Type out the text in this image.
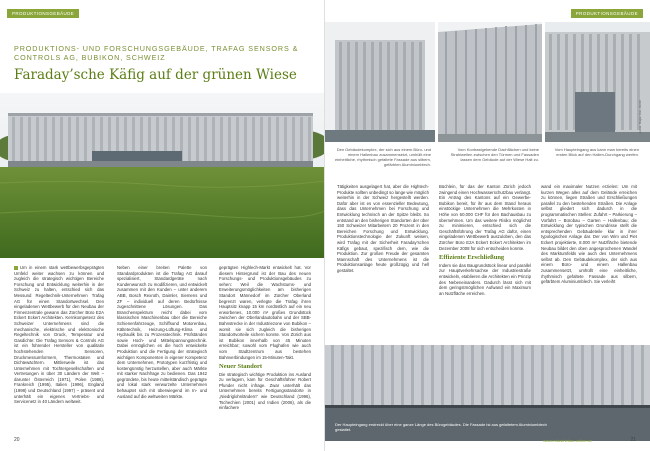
PRODUKTIONSGEBÄUDE
PRODUKTIONS- UND FORSCHUNGSGEBÄUDE, TRAFAG SENSORS & CONTROLS AG, BUBIKON, SCHWEIZ
Faraday’sche Käfig auf der grünen Wiese

Um in einem stark wettbewerbsgeprägten Umfeld weiter wachsen zu können und zugleich die strategisch wichtigen Bereiche Forschung und Entwicklung weiterhin in der Schweiz zu halten, entschied sich das Messund Regeltechnik-Unternehmen Trafag AG für einen Standortwechsel. Den eingeladenen Wettbewerb für den Neubau der Firmenzentrale gewann das Zürcher Büro E2A Eckert Eckert Architekten. Kernkompetenz des Schweizer Unternehmens sind die mechanische, elektrische und elektronische Regeltechnik von Druck, Temperatur und Gasdichte: Die Trafag Sensors & Controls AG ist ein führender Hersteller von qualitativ hochstehenden Sensoren, Druckmessumformern, Thermostaten und Dichtewächtern. Mittlerweile ist das Unternehmen mit Tochtergesellschaften und Vertretungen in über 30 Ländern der Welt – darunter Österreich (1971), Polen (1986), Frankreich (1995), Italien (1996), England (1998) und Deutschland (1997) – präsent und unterhält ein eigenes Vertriebs- und Servicenetz in 40 Ländern weltweit.

Neben einer breiten Palette von Standardprodukten ist die Trafag AG darauf spezialisiert, Standardgeräte nach Kundenwunsch zu modifizieren, und entwickelt zusammen mit den Kunden – unter anderem ABB, Bosch Rexroth, Daimler, Siemens und ZF – individuell auf deren Bedürfnisse zugeschnittene Lösungen. Das Branchenspektrum reicht dabei vom klassischen Maschinenbau über die Bereiche Schienenfahrzeuge, Schiffsund Motorenbau, Kältetechnik, Heizung-Lüftung-Klima und Hydraulik bis zu Prozesstechnik. Prüfständen sowie Hoch- und Mittelspannungstechnik. Dabei ermöglichen es die hoch entwickelte Produktion und die Fertigung der strategisch wichtigen Komponenten in eigener Kompetenz dem Unternehmen, Prototypen kurzfristig und kostengünstig herzustellen, aber auch Märkte mit starker Nachfrage zu bedienen. Das 1942 gegründete, bis heute mittelständisch geprägte und lokal stark verwurzelte Unternehmen behauptet sich mit überwiegend im In- und Ausland auf die weltweiten Märkte.

geprägten Highlech-Markt entwickelt hat. Vor diesem Hintergrund ist der Bau des neuen Forschungs- und Produktionsgebäudes zu sehen: Weil die Wachstums- und Erweiterungsmöglichkeiten am bisherigen Standort Männedorf im Zürcher Oberland begrenzt waren, verlegte die Trafag ihren Hauptsitz knapp 15 km nordöstlich auf ein neu erworbenes, 10.000 m² großes Grundstück zwischen der Oberlandautobahn und der SBB-Bahnstrecke in der Industriezone von Bubikon – womit sie sich zugleich die bisherigen Standortvorteile sichern konnte. Von Zürich aus ist Bubikon innerhalb von 45 Minuten erreichbar; sowohl vom Flughafen wie auch vom Stadtzentrum aus bestehen Bahnverbindungen im 15-Minuten-Takt.

Neuer Standort

Die strategisch wichtige Produktion ins Ausland zu verlagern, kam für Geschäftsführer Robert Pfunder nicht infrage. Zwar unterhält das Unternehmen bereits Fertigungsstandorte in „Niedriglohnländern“ wie Deutschland (1996), Tschechien (2001) und Indien (2006), als die einfachere

20
PRODUKTIONSGEBÄUDE
Den Gebäudekomplex, der sich aus einem Büro- und einem Hallenbau zusammensetzt, umhüllt eine einheitliche, rhythmisch gefaltete Fassade aus silbern, gefärbten Aluminiumblech.
Vom Kontrastgebende Dachflächen und keine Strahlwellen zwischen den Türmen und Fassaden lassen dem Gebäude auf der Wiese Halt zu.
Vom Haupteingang aus kann man bereits einen ersten Blick auf den Hallen-Durchgang werfen.
Fotos: Roger Frei, Zürich

Tätigkeiten ausgelagert hat, aber die Hightech-Produkte sollten unbedingt so lange wie möglich weiterhin in der Schweiz hergestellt werden. Dafür aber ist es von essenzieller Bedeutung, dass das Unternehmen bei Forschung und Entwicklung technisch an der Spitze bleibt. So entstand an den bisherigen Standorten der über 150 Schweizer Mitarbeitern 20 Prozent in den Bereichen Forschung und Entwicklung. Produktionstechnologie der Zukunft weisen, wird Trafag mit der Sicherheit Faraday’schen Käfigs gebaut, spezifisch dem, wie die Produktion. Zur großen Freude der gesamten Mannschaft des Unternehmens ist die Produktionsanlage heute großzügig und hell gestaltet.

Büchlein, für das der Kanton Zürich jedoch zwingend einen Hochwasserschutzbau verlangt. Ein Antrag des Kantons auf ein Gewerbe-Bubikon bereit, für ihr aus dem Stand heraus einstöckige Unternehmen die Mehrkosten in Höhe von 60.000 CHF für den Bachausbau zu übernehmen. Um das weitere Risiko möglichst zu minimieren, entschied sich die Geschäftsführung der Trafag AG dafür, einen eingeladenen Wettbewerb auszuloben, den das Zürcher Büro E2A Eckert Eckert Architekten im Dezember 2008 für sich entscheiden konnte.

Effiziente Erschließung

Indem sie das Baugrundstück linear und parallel zur Hauptverkehrsachse der Industriestraße entwickeln, etablieren die Architekten ein Prinzip des Nebeneinanders. Dadurch lässt sich mit dem geringstmöglichen Aufwand ein Maximum an Nutzfläche erreichen.

wand ein maximaler Nutzen erzielen: Um mit kurzen Wegen alles auf dem Gelände erreichen zu können, liegen Straßen und Erschließungen parallel zu den bestehenden Straßen. Die Anlage selbst gliedert sich dadurch in die programmatischen Stellen: Zufahrt – Parkierung – Vorfahrt – Bürobau – Garten – Hallenbau; die Entwicklung der typischen Grundrisse stellt die entsprechenden Gebäudeteile klar in ihrer typologischen Anlage dar. Der von Wim und Piet Eckert projektierte, 8.000 m² Nutzfläche bietende Neubau bildet den oben angesprochenen Wandel des Marktumfelds wie auch des Unternehmens selbst ab. Den Gebäudekomplex, der sich aus einem Büro- und einem Hallenbau zusammensetzt, umhüllt eine einheitliche, rhythmisch gefaltete Fassade aus silbern, gefärbtem Aluminiumblech. Sie verleiht

Der Haupteingang erstreckt über eine ganze Länge des Bürogebäudes. Die Fassade ist aus gefaltetem Aluminiumblech gestaltet.
www.industriebau-online.de	21
